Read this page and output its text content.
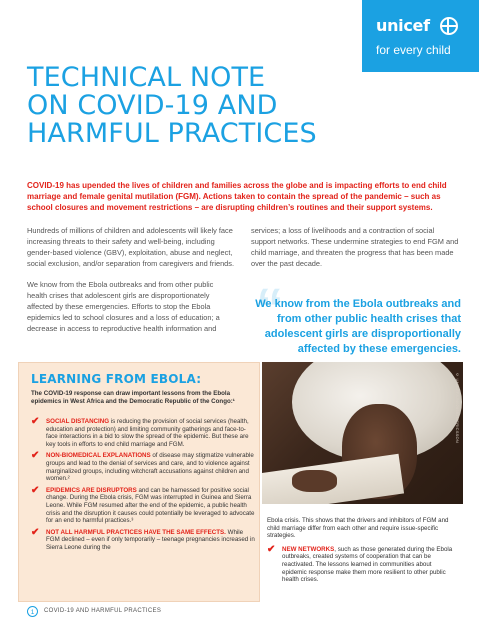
unicef
for every child
TECHNICAL NOTE
ON COVID-19 AND
HARMFUL PRACTICES

COVID-19 has upended the lives of children and families across the globe and is impacting efforts to end child marriage and female genital mutilation (FGM). Actions taken to contain the spread of the pandemic – such as school closures and movement restrictions – are disrupting children’s routines and their support systems.

Hundreds of millions of children and adolescents will likely face increasing threats to their safety and well-being, including gender-based violence (GBV), exploitation, abuse and neglect, social exclusion, and/or separation from caregivers and friends.

We know from the Ebola outbreaks and from other public health crises that adolescent girls are disproportionately affected by these emergencies. Efforts to stop the Ebola epidemics led to school closures and a loss of education; a decrease in access to reproductive health information and

services; a loss of livelihoods and a contraction of social support networks. These undermine strategies to end FGM and child marriage, and threaten the progress that has been made over the past decade.

“
We know from the Ebola outbreaks and from other public health crises that adolescent girls are disproportionally affected by these emergencies.
LEARNING FROM EBOLA:
The COVID-19 response can draw important lessons from the Ebola epidemics in West Africa and the Democratic Republic of the Congo:¹
✔ SOCIAL DISTANCING is reducing the provision of social services (health, education and protection) and limiting community gatherings and face-to-face interactions in a bid to slow the spread of the epidemic. But these are key tools in efforts to end child marriage and FGM.
✔ NON-BIOMEDICAL EXPLANATIONS of disease may stigmatize vulnerable groups and lead to the denial of services and care, and to violence against marginalized groups, including witchcraft accusations against children and women.²
✔ EPIDEMICS ARE DISRUPTORS and can be harnessed for positive social change. During the Ebola crisis, FGM was interrupted in Guinea and Sierra Leone. While FGM resumed after the end of the epidemic, a public health crisis and the disruption it causes could potentially be leveraged to advocate for an end to harmful practices.³
✔ NOT ALL HARMFUL PRACTICES HAVE THE SAME EFFECTS. While FGM declined – even if only temporarily – teenage pregnancies increased in Sierra Leone during the
© UNICEF/UN0269929/ERICSSON

Ebola crisis. This shows that the drivers and inhibitors of FGM and child marriage differ from each other and require issue-specific strategies.

✔ NEW NETWORKS, such as those generated during the Ebola outbreaks, created systems of cooperation that can be reactivated. The lessons learned in communities about epidemic response make them more resilient to other public health crises.
1	COVID-19 AND HARMFUL PRACTICES
